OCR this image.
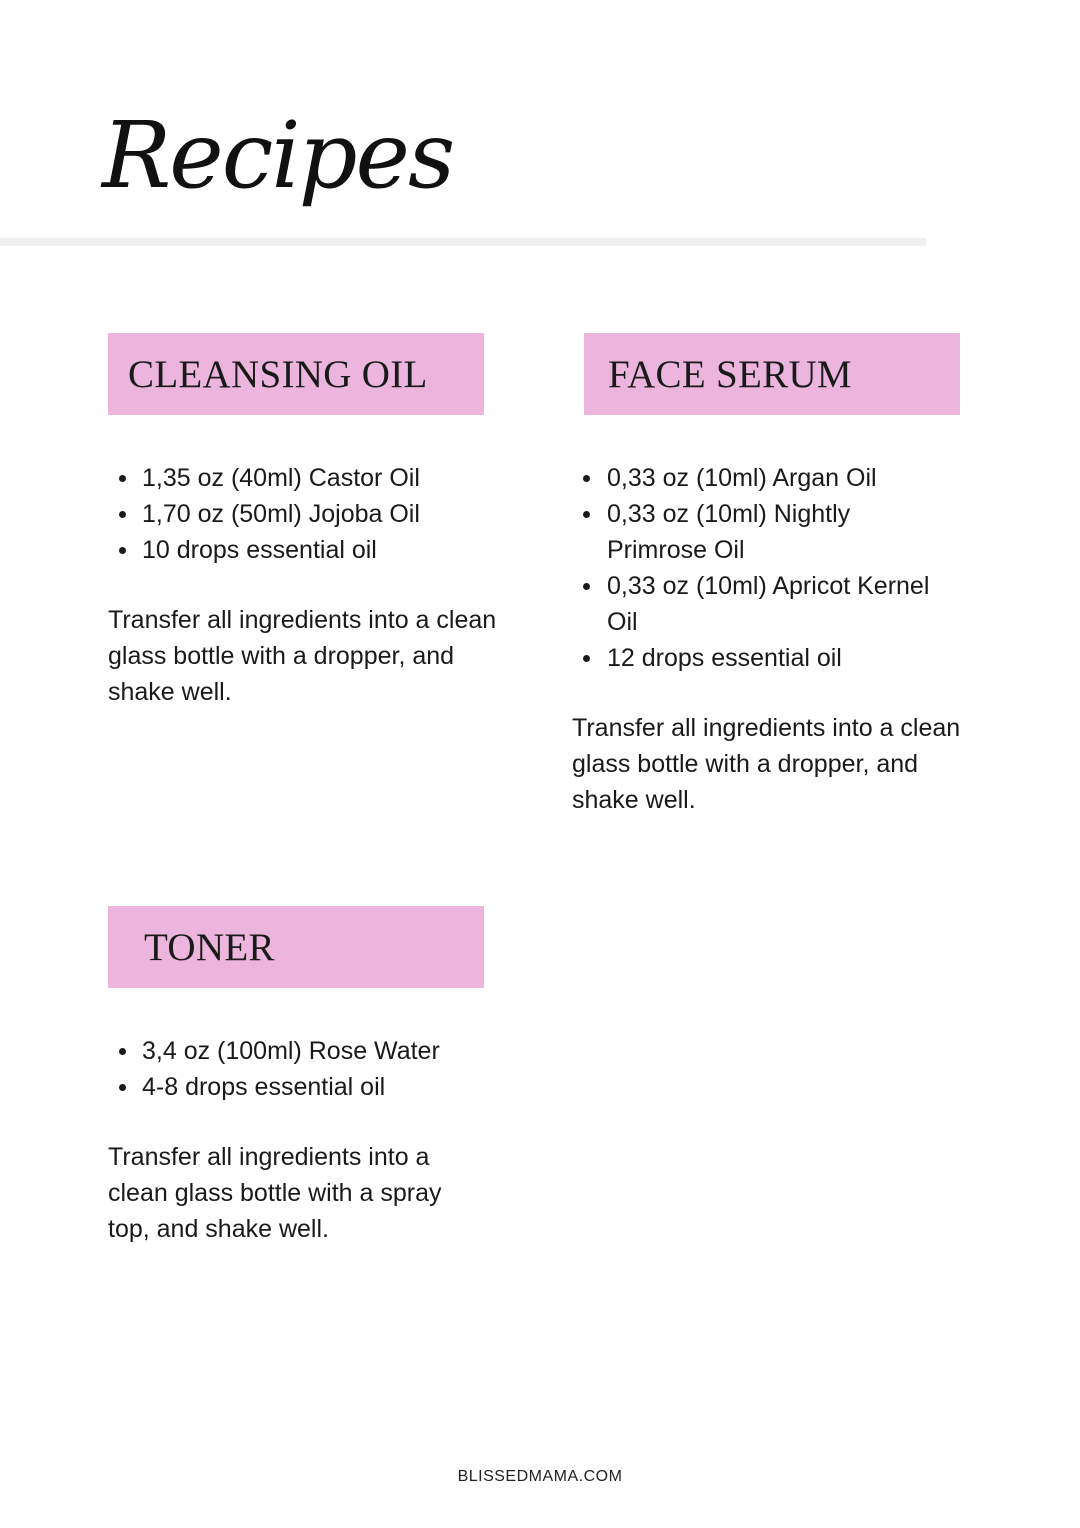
Recipes
CLEANSING OIL
1,35 oz (40ml) Castor Oil
1,70 oz (50ml) Jojoba Oil
10 drops essential oil

Transfer all ingredients into a clean glass bottle with a dropper, and shake well.

FACE SERUM
0,33 oz (10ml) Argan Oil
0,33 oz (10ml) Nightly Primrose Oil
0,33 oz (10ml) Apricot Kernel Oil
12 drops essential oil

Transfer all ingredients into a clean glass bottle with a dropper, and shake well.

TONER
3,4 oz (100ml) Rose Water
4-8 drops essential oil

Transfer all ingredients into a clean glass bottle with a spray top, and shake well.

BLISSEDMAMA.COM
